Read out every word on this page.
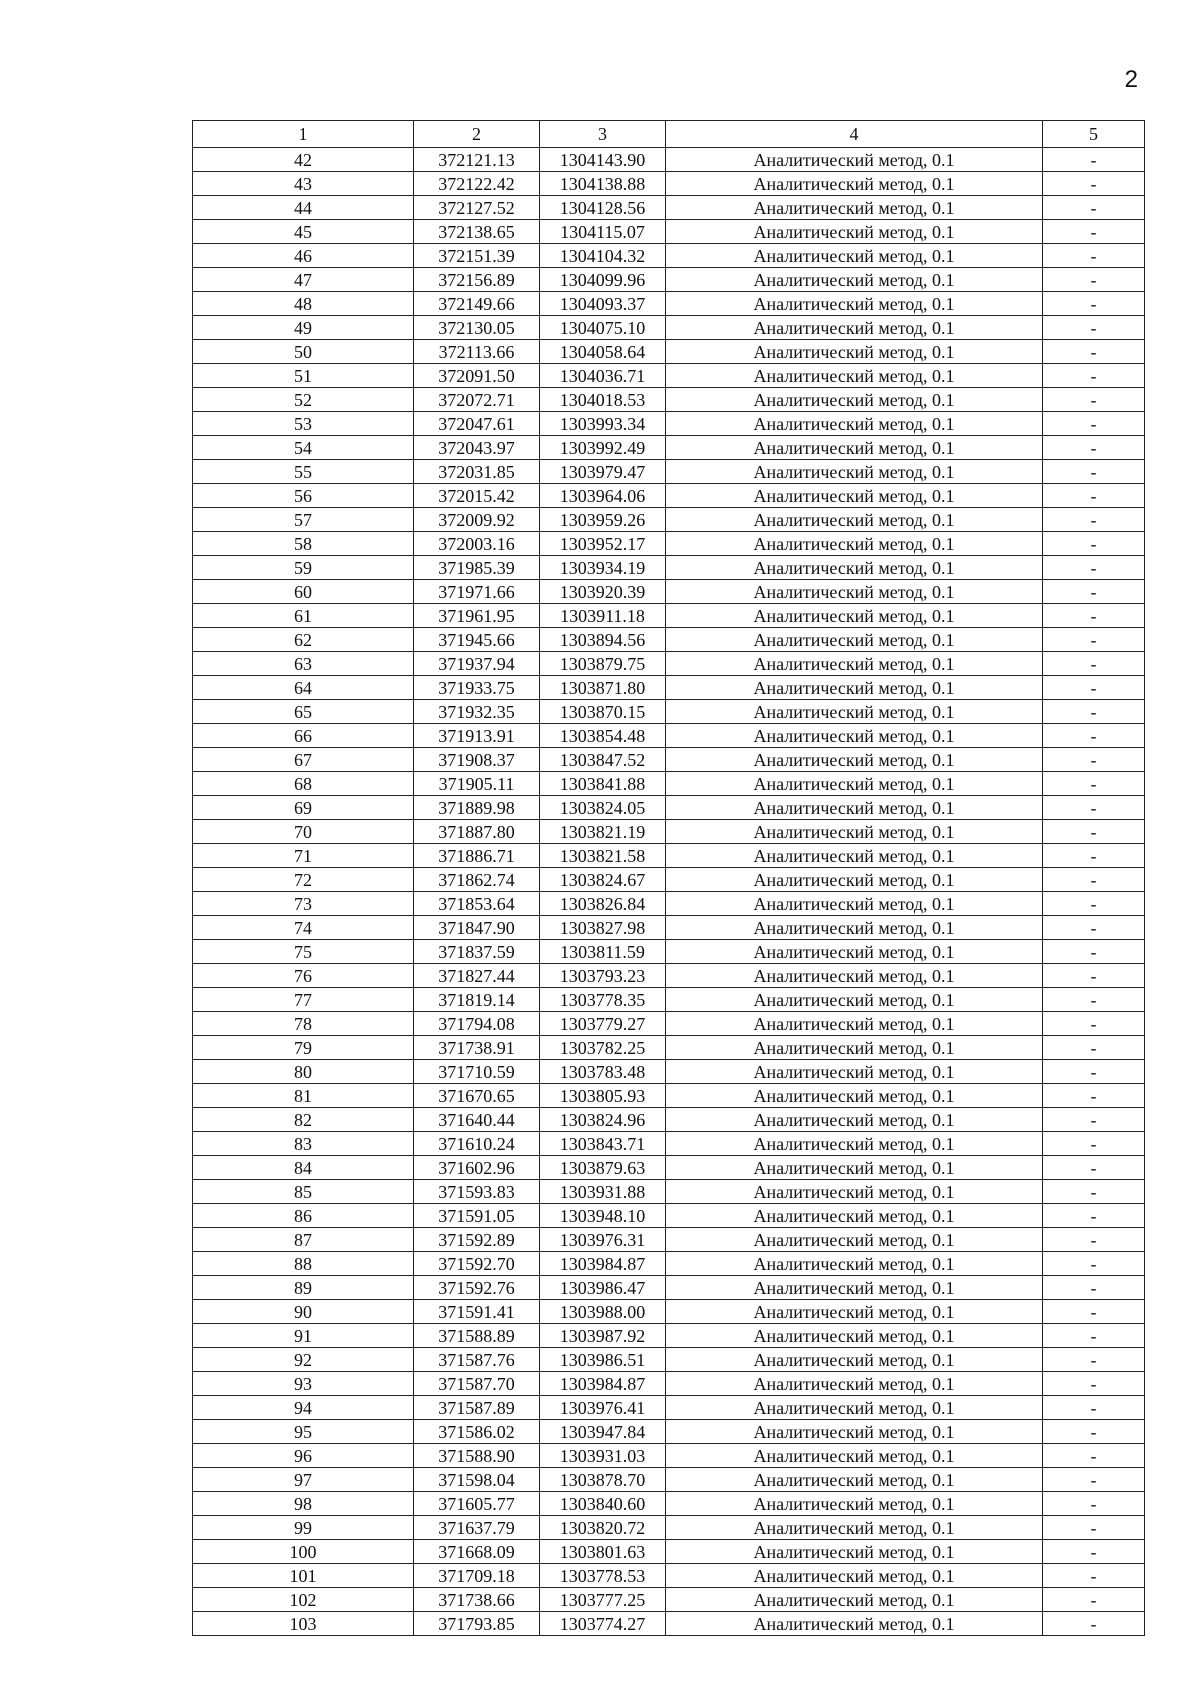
2
1	2	3	4	5
42	372121.13	1304143.90	Аналитический метод, 0.1	-
43	372122.42	1304138.88	Аналитический метод, 0.1	-
44	372127.52	1304128.56	Аналитический метод, 0.1	-
45	372138.65	1304115.07	Аналитический метод, 0.1	-
46	372151.39	1304104.32	Аналитический метод, 0.1	-
47	372156.89	1304099.96	Аналитический метод, 0.1	-
48	372149.66	1304093.37	Аналитический метод, 0.1	-
49	372130.05	1304075.10	Аналитический метод, 0.1	-
50	372113.66	1304058.64	Аналитический метод, 0.1	-
51	372091.50	1304036.71	Аналитический метод, 0.1	-
52	372072.71	1304018.53	Аналитический метод, 0.1	-
53	372047.61	1303993.34	Аналитический метод, 0.1	-
54	372043.97	1303992.49	Аналитический метод, 0.1	-
55	372031.85	1303979.47	Аналитический метод, 0.1	-
56	372015.42	1303964.06	Аналитический метод, 0.1	-
57	372009.92	1303959.26	Аналитический метод, 0.1	-
58	372003.16	1303952.17	Аналитический метод, 0.1	-
59	371985.39	1303934.19	Аналитический метод, 0.1	-
60	371971.66	1303920.39	Аналитический метод, 0.1	-
61	371961.95	1303911.18	Аналитический метод, 0.1	-
62	371945.66	1303894.56	Аналитический метод, 0.1	-
63	371937.94	1303879.75	Аналитический метод, 0.1	-
64	371933.75	1303871.80	Аналитический метод, 0.1	-
65	371932.35	1303870.15	Аналитический метод, 0.1	-
66	371913.91	1303854.48	Аналитический метод, 0.1	-
67	371908.37	1303847.52	Аналитический метод, 0.1	-
68	371905.11	1303841.88	Аналитический метод, 0.1	-
69	371889.98	1303824.05	Аналитический метод, 0.1	-
70	371887.80	1303821.19	Аналитический метод, 0.1	-
71	371886.71	1303821.58	Аналитический метод, 0.1	-
72	371862.74	1303824.67	Аналитический метод, 0.1	-
73	371853.64	1303826.84	Аналитический метод, 0.1	-
74	371847.90	1303827.98	Аналитический метод, 0.1	-
75	371837.59	1303811.59	Аналитический метод, 0.1	-
76	371827.44	1303793.23	Аналитический метод, 0.1	-
77	371819.14	1303778.35	Аналитический метод, 0.1	-
78	371794.08	1303779.27	Аналитический метод, 0.1	-
79	371738.91	1303782.25	Аналитический метод, 0.1	-
80	371710.59	1303783.48	Аналитический метод, 0.1	-
81	371670.65	1303805.93	Аналитический метод, 0.1	-
82	371640.44	1303824.96	Аналитический метод, 0.1	-
83	371610.24	1303843.71	Аналитический метод, 0.1	-
84	371602.96	1303879.63	Аналитический метод, 0.1	-
85	371593.83	1303931.88	Аналитический метод, 0.1	-
86	371591.05	1303948.10	Аналитический метод, 0.1	-
87	371592.89	1303976.31	Аналитический метод, 0.1	-
88	371592.70	1303984.87	Аналитический метод, 0.1	-
89	371592.76	1303986.47	Аналитический метод, 0.1	-
90	371591.41	1303988.00	Аналитический метод, 0.1	-
91	371588.89	1303987.92	Аналитический метод, 0.1	-
92	371587.76	1303986.51	Аналитический метод, 0.1	-
93	371587.70	1303984.87	Аналитический метод, 0.1	-
94	371587.89	1303976.41	Аналитический метод, 0.1	-
95	371586.02	1303947.84	Аналитический метод, 0.1	-
96	371588.90	1303931.03	Аналитический метод, 0.1	-
97	371598.04	1303878.70	Аналитический метод, 0.1	-
98	371605.77	1303840.60	Аналитический метод, 0.1	-
99	371637.79	1303820.72	Аналитический метод, 0.1	-
100	371668.09	1303801.63	Аналитический метод, 0.1	-
101	371709.18	1303778.53	Аналитический метод, 0.1	-
102	371738.66	1303777.25	Аналитический метод, 0.1	-
103	371793.85	1303774.27	Аналитический метод, 0.1	-
